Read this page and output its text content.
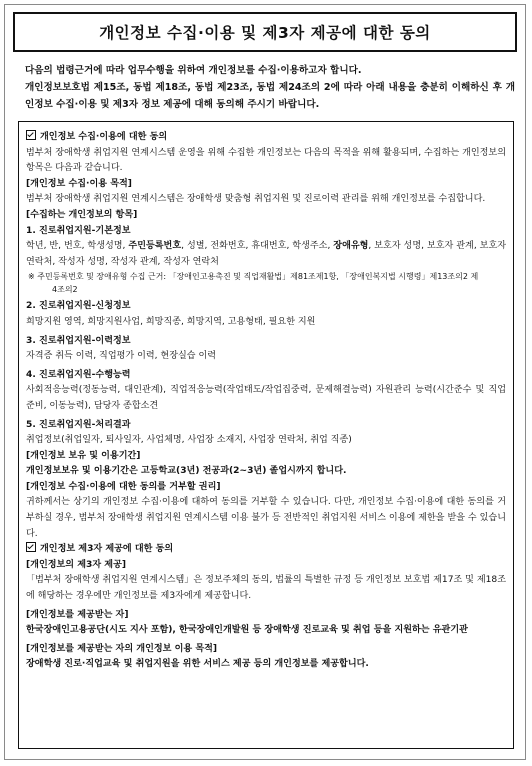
개인정보 수집·이용 및 제3자 제공에 대한 동의

다음의 법령근거에 따라 업무수행을 위하여 개인정보를 수집·이용하고자 합니다.

개인정보보호법 제15조, 동법 제18조, 동법 제23조, 동법 제24조의 2에 따라 아래 내용을 충분히 이해하신 후 개인정보 수집·이용 및 제3자 정보 제공에 대해 동의해 주시기 바랍니다.

개인정보 수집·이용에 대한 동의

범부처 장애학생 취업지원 연계시스템 운영을 위해 수집한 개인정보는 다음의 목적을 위해 활용되며, 수집하는 개인정보의 항목은 다음과 같습니다.

[개인정보 수집·이용 목적]

범부처 장애학생 취업지원 연계시스템은 장애학생 맞춤형 취업지원 및 진로이력 관리를 위해 개인정보를 수집합니다.

[수집하는 개인정보의 항목]

1. 진로취업지원-기본정보

학년, 반, 번호, 학생성명, 주민등록번호, 성별, 전화번호, 휴대번호, 학생주소, 장애유형, 보호자 성명, 보호자 관계, 보호자 연락처, 작성자 성명, 작성자 관계, 작성자 연락처

※ 주민등록번호 및 장애유형 수집 근거: 「장애인고용촉진 및 직업재활법」제81조제1항, 「장애인복지법 시행령」제13조의2 제
4조의2

2. 진로취업지원-신청정보

희망지원 영역, 희망지원사업, 희망직종, 희망지역, 고용형태, 필요한 지원

3. 진로취업지원-이력정보

자격증 취득 이력, 직업평가 이력, 현장실습 이력

4. 진로취업지원-수행능력

사회적응능력(정동능력, 대인관계), 직업적응능력(작업태도/작업집중력, 문제해결능력) 자원관리 능력(시간준수 및 직업준비, 이동능력), 담당자 종합소견

5. 진로취업지원-처리결과

취업정보(취업일자, 퇴사일자, 사업체명, 사업장 소재지, 사업장 연락처, 취업 직종)

[개인정보 보유 및 이용기간]

개인정보보유 및 이용기간은 고등학교(3년) 전공과(2~3년) 졸업시까지 합니다.

[개인정보 수집·이용에 대한 동의를 거부할 권리]

귀하께서는 상기의 개인정보 수집·이용에 대하여 동의를 거부할 수 있습니다. 다만, 개인정보 수집·이용에 대한 동의를 거부하실 경우, 범부처 장애학생 취업지원 연계시스템 이용 불가 등 전반적인 취업지원 서비스 이용에 제한을 받을 수 있습니다.

개인정보 제3자 제공에 대한 동의

[개인정보의 제3자 제공]

「범부처 장애학생 취업지원 연계시스템」은 정보주체의 동의, 법률의 특별한 규정 등 개인정보 보호법 제17조 및 제18조에 해당하는 경우에만 개인정보를 제3자에게 제공합니다.

[개인정보를 제공받는 자]

한국장애인고용공단(시도 지사 포함), 한국장애인개발원 등 장애학생 진로교육 및 취업 등을 지원하는 유관기관

[개인정보를 제공받는 자의 개인정보 이용 목적]

장애학생 진로·직업교육 및 취업지원을 위한 서비스 제공 등의 개인정보를 제공합니다.
